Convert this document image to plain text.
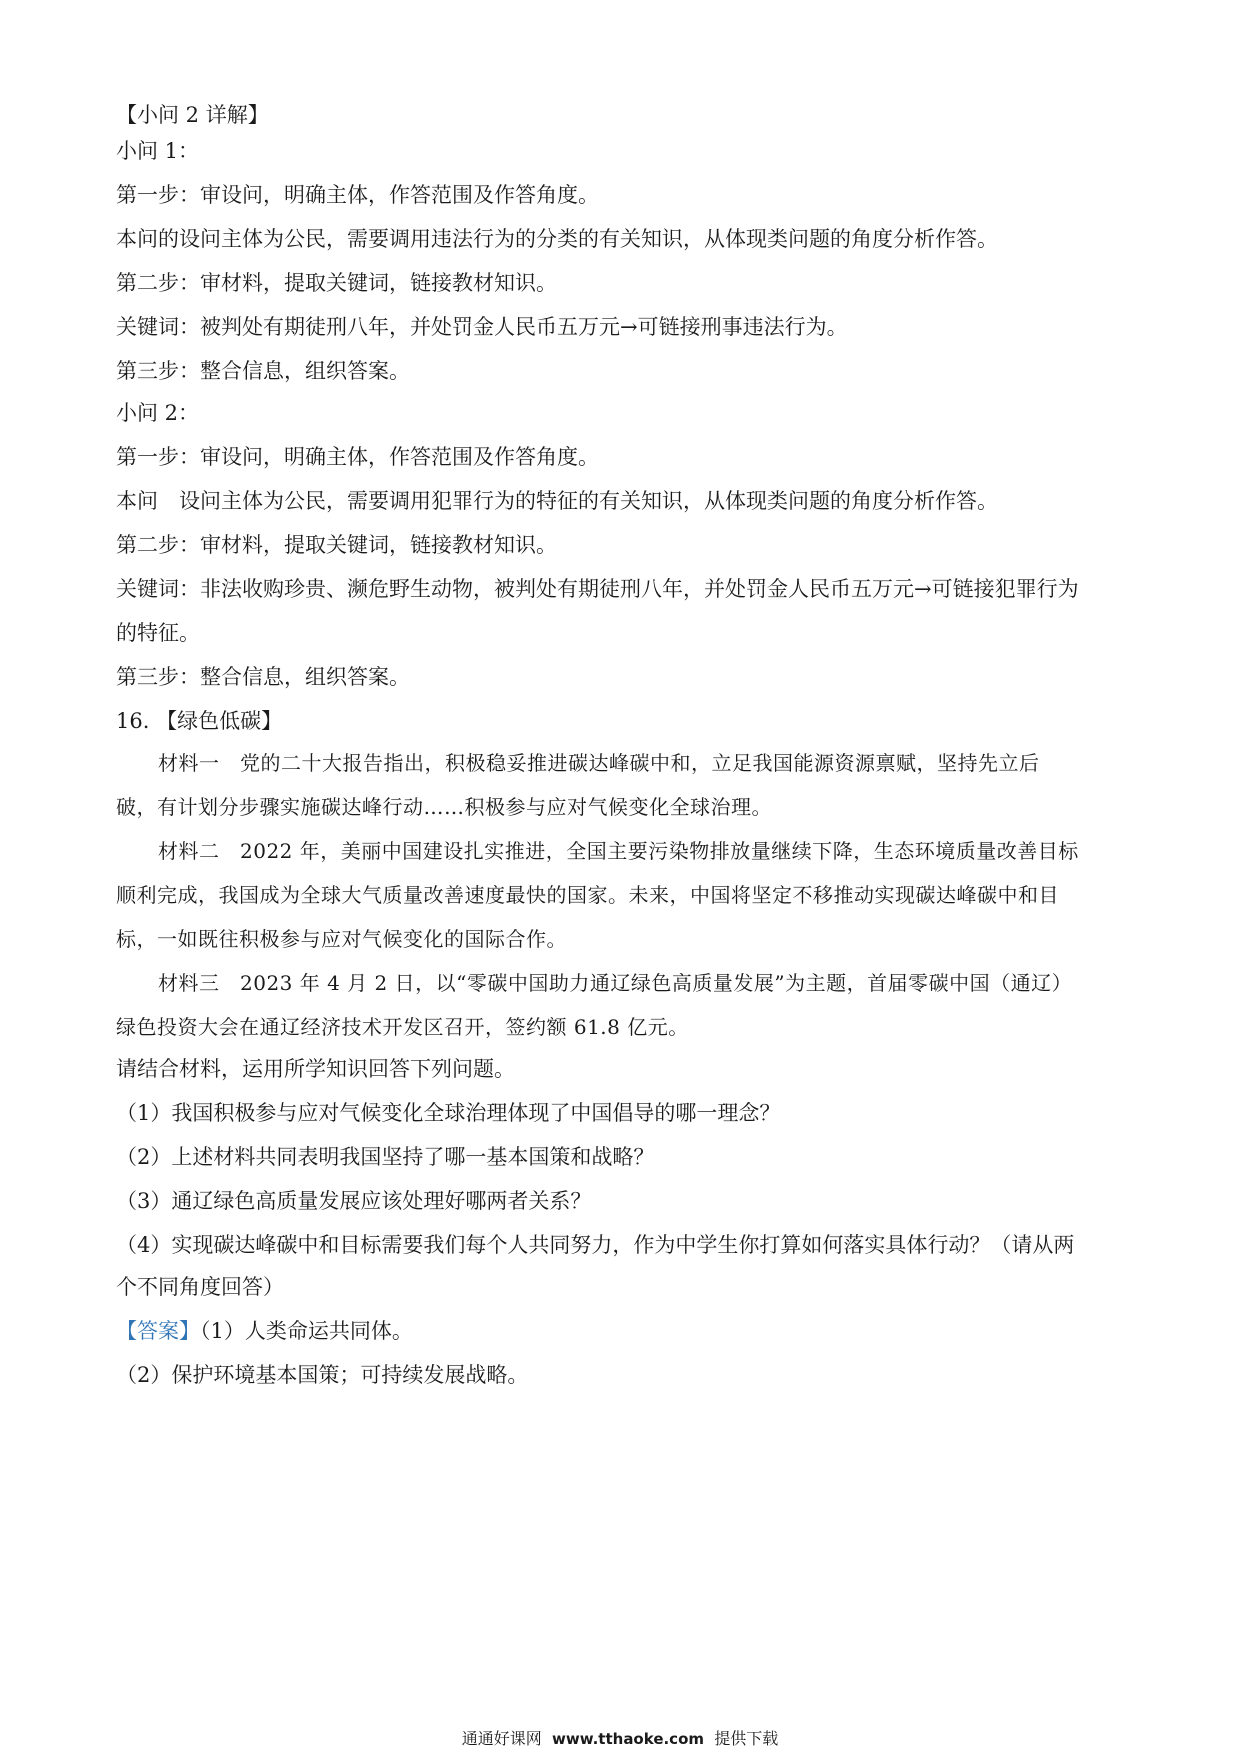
【小问 2 详解】
小问 1：
第一步：审设问，明确主体，作答范围及作答角度。
本问的设问主体为公民，需要调用违法行为的分类的有关知识，从体现类问题的角度分析作答。
第二步：审材料，提取关键词，链接教材知识。
关键词：被判处有期徒刑八年，并处罚金人民币五万元→可链接刑事违法行为。
第三步：整合信息，组织答案。
小问 2：
第一步：审设问，明确主体，作答范围及作答角度。
本问　设问主体为公民，需要调用犯罪行为的特征的有关知识，从体现类问题的角度分析作答。
第二步：审材料，提取关键词，链接教材知识。
关键词：非法收购珍贵、濒危野生动物，被判处有期徒刑八年，并处罚金人民币五万元→可链接犯罪行为
的特征。
第三步：整合信息，组织答案。
16. 【绿色低碳】
材料一　党的二十大报告指出，积极稳妥推进碳达峰碳中和，立足我国能源资源禀赋，坚持先立后
破，有计划分步骤实施碳达峰行动……积极参与应对气候变化全球治理。
材料二　2022 年，美丽中国建设扎实推进，全国主要污染物排放量继续下降，生态环境质量改善目标
顺利完成，我国成为全球大气质量改善速度最快的国家。未来，中国将坚定不移推动实现碳达峰碳中和目
标，一如既往积极参与应对气候变化的国际合作。
材料三　2023 年 4 月 2 日，以“零碳中国助力通辽绿色高质量发展”为主题，首届零碳中国（通辽）
绿色投资大会在通辽经济技术开发区召开，签约额 61.8 亿元。
请结合材料，运用所学知识回答下列问题。
（1）我国积极参与应对气候变化全球治理体现了中国倡导的哪一理念？
（2）上述材料共同表明我国坚持了哪一基本国策和战略？
（3）通辽绿色高质量发展应该处理好哪两者关系？
（4）实现碳达峰碳中和目标需要我们每个人共同努力，作为中学生你打算如何落实具体行动？（请从两
个不同角度回答）
【答案】（1）人类命运共同体。
（2）保护环境基本国策；可持续发展战略。
通通好课网 www.tthaoke.com 提供下载
